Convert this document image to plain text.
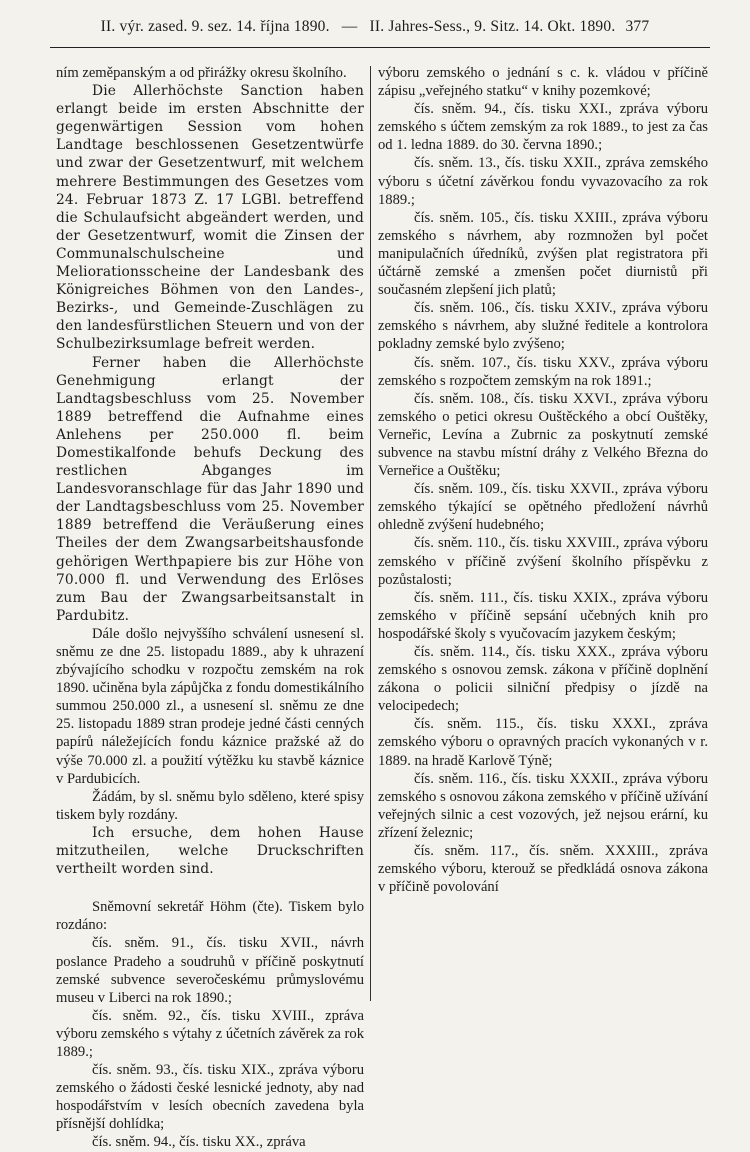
II. výr. zased. 9. sez. 14. října 1890. — II. Jahres-Sess., 9. Sitz. 14. Okt. 1890. 377

ním zeměpanským a od přirážky okresu školního.

Die Allerhöchste Sanction haben erlangt beide im ersten Abschnitte der gegenwärtigen Session vom hohen Landtage beschlossenen Gesetzentwürfe und zwar der Gesetzentwurf, mit welchem mehrere Bestimmungen des Gesetzes vom 24. Februar 1873 Z. 17 LGBl. betreffend die Schulaufsicht abgeändert werden, und der Gesetzentwurf, womit die Zinsen der Communalschulscheine und Meliorationsscheine der Landesbank des Königreiches Böhmen von den Landes-, Bezirks-, und Gemeinde-Zuschlägen zu den landesfürstlichen Steuern und von der Schulbezirksumlage befreit werden.

Ferner haben die Allerhöchste Genehmigung erlangt der Landtagsbeschluss vom 25. November 1889 betreffend die Aufnahme eines Anlehens per 250.000 fl. beim Domestikalfonde behufs Deckung des restlichen Abganges im Landesvoranschlage für das Jahr 1890 und der Landtagsbeschluss vom 25. November 1889 betreffend die Veräußerung eines Theiles der dem Zwangsarbeitshausfonde gehörigen Werthpapiere bis zur Höhe von 70.000 fl. und Verwendung des Erlöses zum Bau der Zwangsarbeitsanstalt in Pardubitz.

Dále došlo nejvyššího schválení usnesení sl. sněmu ze dne 25. listopadu 1889., aby k uhrazení zbývajícího schodku v rozpočtu zemském na rok 1890. učiněna byla zápůjčka z fondu domestikálního summou 250.000 zl., a usnesení sl. sněmu ze dne 25. listopadu 1889 stran prodeje jedné části cenných papírů náležejících fondu káznice pražské až do výše 70.000 zl. a použití výtěžku ku stavbě káznice v Pardubicích.

Žádám, by sl. sněmu bylo sděleno, které spisy tiskem byly rozdány.

Ich ersuche, dem hohen Hause mitzutheilen, welche Druckschriften vertheilt worden sind.

Sněmovní sekretář Höhm (čte). Tiskem bylo rozdáno:

čís. sněm. 91., čís. tisku XVII., návrh poslance Pradeho a soudruhů v příčině poskytnutí zemské subvence severočeskému průmyslovému museu v Liberci na rok 1890.;

čís. sněm. 92., čís. tisku XVIII., zpráva výboru zemského s výtahy z účetních závěrek za rok 1889.;

čís. sněm. 93., čís. tisku XIX., zpráva výboru zemského o žádosti české lesnické jednoty, aby nad hospodářstvím v lesích obecních zavedena byla přísnější dohlídka;

čís. sněm. 94., čís. tisku XX., zpráva

výboru zemského o jednání s c. k. vládou v příčině zápisu „veřejného statku“ v knihy pozemkové;

čís. sněm. 94., čís. tisku XXI., zpráva výboru zemského s účtem zemským za rok 1889., to jest za čas od 1. ledna 1889. do 30. června 1890.;

čís. sněm. 13., čís. tisku XXII., zpráva zemského výboru s účetní závěrkou fondu vyvazovacího za rok 1889.;

čís. sněm. 105., čís. tisku XXIII., zpráva výboru zemského s návrhem, aby rozmnožen byl počet manipulačních úředníků, zvýšen plat registratora při účtárně zemské a zmenšen počet diurnistů při současném zlepšení jich platů;

čís. sněm. 106., čís. tisku XXIV., zpráva výboru zemského s návrhem, aby služné ředitele a kontrolora pokladny zemské bylo zvýšeno;

čís. sněm. 107., čís. tisku XXV., zpráva výboru zemského s rozpočtem zemským na rok 1891.;

čís. sněm. 108., čís. tisku XXVI., zpráva výboru zemského o petici okresu Ouštěckého a obcí Ouštěky, Verneřic, Levína a Zubrnic za poskytnutí zemské subvence na stavbu místní dráhy z Velkého Března do Verneřice a Ouštěku;

čís. sněm. 109., čís. tisku XXVII., zpráva výboru zemského týkající se opětného předložení návrhů ohledně zvýšení hudebného;

čís. sněm. 110., čís. tisku XXVIII., zpráva výboru zemského v příčině zvýšení školního příspěvku z pozůstalosti;

čís. sněm. 111., čís. tisku XXIX., zpráva výboru zemského v příčině sepsání učebných knih pro hospodářské školy s vyučovacím jazykem českým;

čís. sněm. 114., čís. tisku XXX., zpráva výboru zemského s osnovou zemsk. zákona v příčině doplnění zákona o policii silniční předpisy o jízdě na velocipedech;

čís. sněm. 115., čís. tisku XXXI., zpráva zemského výboru o opravných pracích vykonaných v r. 1889. na hradě Karlově Týně;

čís. sněm. 116., čís. tisku XXXII., zpráva výboru zemského s osnovou zákona zemského v příčině užívání veřejných silnic a cest vozových, jež nejsou erární, ku zřízení železnic;

čís. sněm. 117., čís. sněm. XXXIII., zpráva zemského výboru, kterouž se předkládá osnova zákona v příčině povolování
